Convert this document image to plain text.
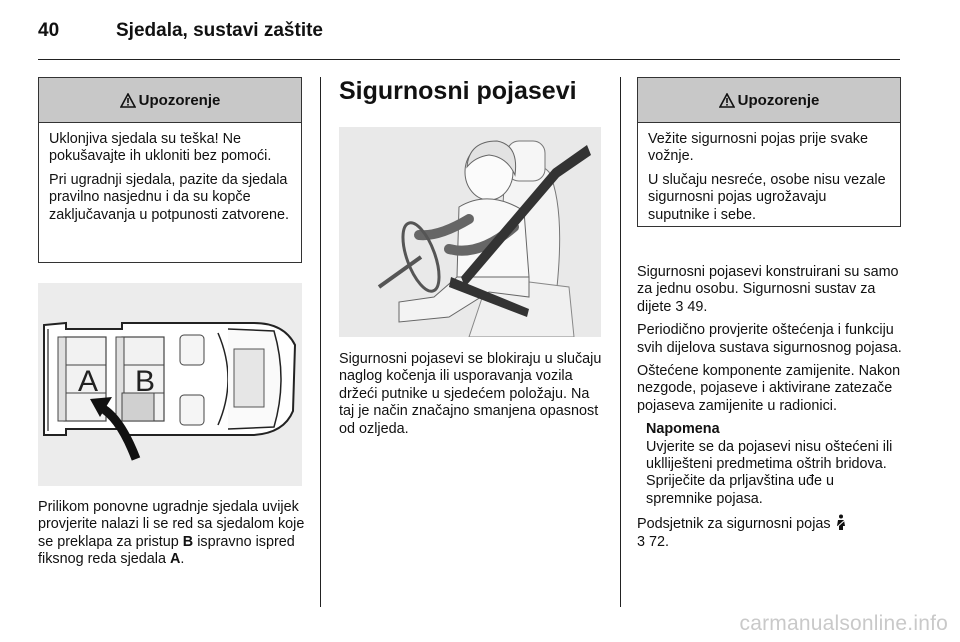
40	Sjedala, sustavi zaštite
Upozorenje

Uklonjiva sjedala su teška! Ne pokušavajte ih ukloniti bez pomoći.

Pri ugradnji sjedala, pazite da sjedala pravilno nasjednu i da su kopče zaključavanja u potpunosti zatvorene.

A B
Prilikom ponovne ugradnje sjedala uvijek provjerite nalazi li se red sa sjedalom koje se preklapa za pristup B ispravno ispred fiksnog reda sjedala A.
Sigurnosni pojasevi

Sigurnosni pojasevi se blokiraju u slučaju naglog kočenja ili usporavanja vozila držeći putnike u sjedećem položaju. Na taj je način značajno smanjena opasnost od ozljeda.

Upozorenje

Vežite sigurnosni pojas prije svake vožnje.

U slučaju nesreće, osobe nisu vezale sigurnosni pojas ugrožavaju suputnike i sebe.

Sigurnosni pojasevi konstruirani su samo za jednu osobu. Sigurnosni sustav za dijete 3 49.

Periodično provjerite oštećenja i funkciju svih dijelova sustava sigurnosnog pojasa.

Oštećene komponente zamijenite. Nakon nezgode, pojaseve i aktivirane zatezače pojaseva zamijenite u radionici.

Napomena
Uvjerite se da pojasevi nisu oštećeni ili uklliješteni predmetima oštrih bridova. Spriječite da prljavština uđe u spremnike pojasa.

Podsjetnik za sigurnosni pojas
3 72.

carmanualsonline.info
